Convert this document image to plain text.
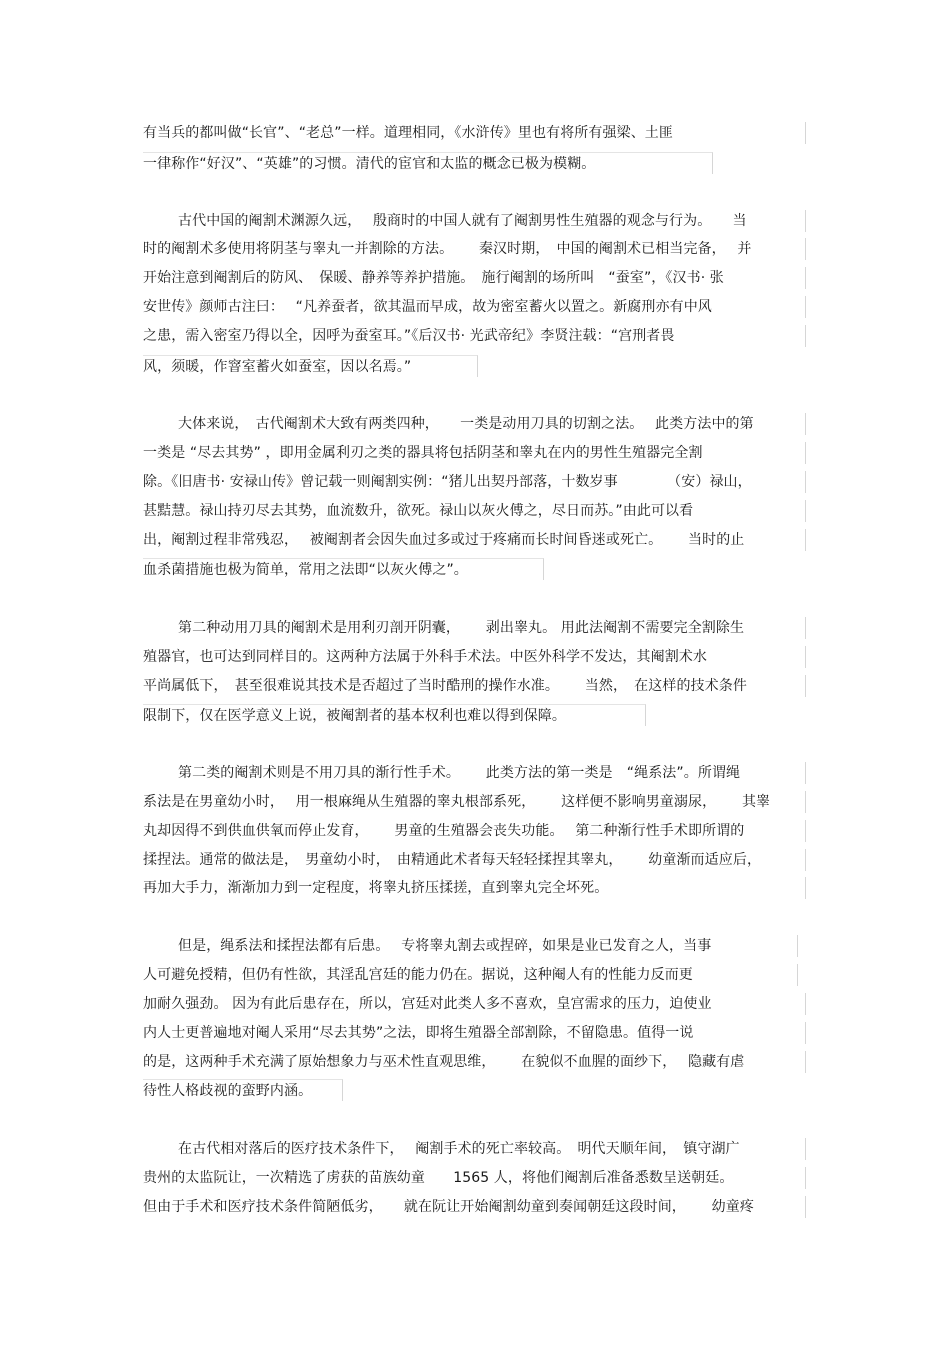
有当兵的都叫做“长官”、“老总”一样。道理相同，《水浒传》里也有将所有强梁、土匪
一律称作“好汉”、“英雄”的习惯。清代的宦官和太监的概念已极为模糊。
古代中国的阉割术渊源久远，　 殷商时的中国人就有了阉割男性生殖器的观念与行为。　　当
时的阉割术多使用将阴茎与睾丸一并割除的方法。　　 秦汉时期，　中国的阉割术已相当完备，　 并
开始注意到阉割后的防风、　保暖、静养等养护措施。　施行阉割的场所叫　“蚕室”，《汉书· 张
安世传》颜师古注曰：　 “凡养蚕者，欲其温而早成，故为密室蓄火以置之。新腐刑亦有中风
之患，需入密室乃得以全，因呼为蚕室耳。”《后汉书· 光武帝纪》李贤注载：“宫刑者畏
风，须暖，作窨室蓄火如蚕室，因以名焉。”
大体来说，　古代阉割术大致有两类四种，　　一类是动用刀具的切割之法。　 此类方法中的第
一类是 “尽去其势” ，即用金属利刃之类的器具将包括阴茎和睾丸在内的男性生殖器完全割
除。《旧唐书· 安禄山传》曾记载一则阉割实例：“猪儿出契丹部落，十数岁事　　　　（安）禄山，
甚黠慧。禄山持刃尽去其势，血流数升，欲死。禄山以灰火傅之，尽日而苏。”由此可以看
出，阉割过程非常残忍，　 被阉割者会因失血过多或过于疼痛而长时间昏迷或死亡。　　 当时的止
血杀菌措施也极为简单，常用之法即“以灰火傅之”。
第二种动用刀具的阉割术是用利刃剖开阴囊，　　 剥出睾丸。 用此法阉割不需要完全割除生
殖器官，也可达到同样目的。这两种方法属于外科手术法。中医外科学不发达，其阉割术水
平尚属低下，　甚至很难说其技术是否超过了当时酷刑的操作水准。　　 当然，　在这样的技术条件
限制下，仅在医学意义上说，被阉割者的基本权利也难以得到保障。
第二类的阉割术则是不用刀具的渐行性手术。　　 此类方法的第一类是　“绳系法”。所谓绳
系法是在男童幼小时，　 用一根麻绳从生殖器的睾丸根部系死，　　 这样便不影响男童溺尿，　　 其睾
丸却因得不到供血供氧而停止发育，　　 男童的生殖器会丧失功能。　 第二种渐行性手术即所谓的
揉捏法。通常的做法是，　男童幼小时，　由精通此术者每天轻轻揉捏其睾丸，　　 幼童渐而适应后，
再加大手力，渐渐加力到一定程度，将睾丸挤压揉搓，直到睾丸完全坏死。
但是，绳系法和揉捏法都有后患。　 专将睾丸割去或捏碎，如果是业已发育之人，当事
人可避免授精，但仍有性欲，其淫乱宫廷的能力仍在。据说，这种阉人有的性能力反而更
加耐久强劲。 因为有此后患存在，所以，宫廷对此类人多不喜欢，皇宫需求的压力，迫使业
内人士更普遍地对阉人采用“尽去其势”之法，即将生殖器全部割除，不留隐患。值得一说
的是，这两种手术充满了原始想象力与巫术性直观思维，　　 在貌似不血腥的面纱下，　 隐藏有虐
待性人格歧视的蛮野内涵。
在古代相对落后的医疗技术条件下，　 阉割手术的死亡率较高。　明代天顺年间，　镇守湖广
贵州的太监阮让，一次精选了虏获的苗族幼童　　1565 人，将他们阉割后准备悉数呈送朝廷。
但由于手术和医疗技术条件简陋低劣，　　就在阮让开始阉割幼童到奏闻朝廷这段时间，　　 幼童疼
